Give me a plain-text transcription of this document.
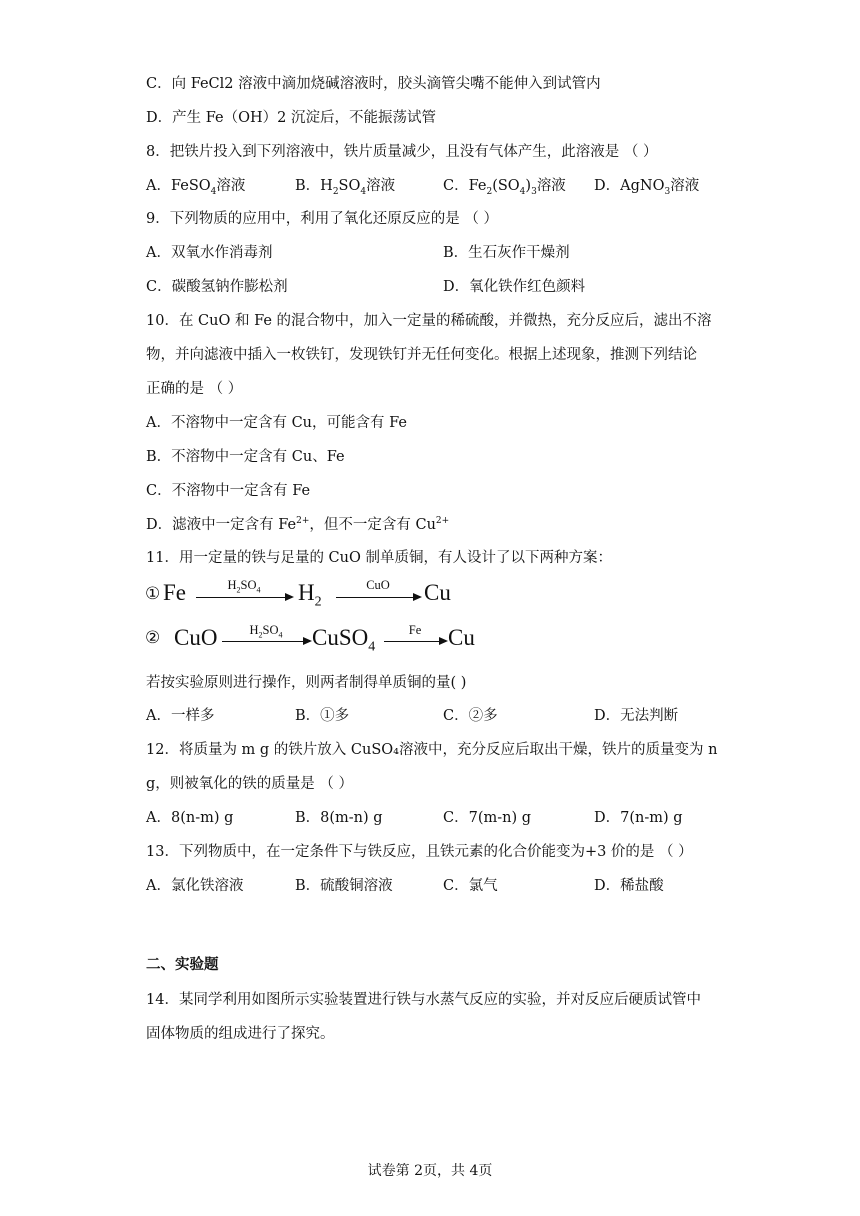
C．向 FeCl2 溶液中滴加烧碱溶液时，胶头滴管尖嘴不能伸入到试管内
D．产生 Fe（OH）2 沉淀后，不能振荡试管
8．把铁片投入到下列溶液中，铁片质量减少，且没有气体产生，此溶液是 （ ）
A．FeSO$_4$溶液	B．$H_2SO_4$溶液	C．$Fe_2(SO_4)_3$溶液 D．AgNO$_3$溶液
9．下列物质的应用中，利用了氧化还原反应的是 （ ）
A．双氧水作消毒剂	B．生石灰作干燥剂
C．碳酸氢钠作膨松剂	D．氧化铁作红色颜料
10．在 CuO 和 Fe 的混合物中，加入一定量的稀硫酸，并微热，充分反应后，滤出不溶
物，并向滤液中插入一枚铁钉，发现铁钉并无任何变化。根据上述现象，推测下列结论
正确的是 （ ）
A．不溶物中一定含有 Cu，可能含有 Fe
B．不溶物中一定含有 Cu、Fe
C．不溶物中一定含有 Fe
D．滤液中一定含有 $Fe^{2+}$，但不一定含有 $Cu^{2+}$
11．用一定量的铁与足量的 CuO 制单质铜，有人设计了以下两种方案：
① Fe	$H_2SO_4$	$H_2$
CuO	Cu
② CuO	$H_2SO_4$	CuSO$_4$
Fe	Cu
若按实验原则进行操作，则两者制得单质铜的量( )
A．一样多	B．①多	C．②多	D．无法判断
12．将质量为 m g 的铁片放入 CuSO₄溶液中，充分反应后取出干燥，铁片的质量变为 n
g，则被氧化的铁的质量是 （ ）
A．8(n-m) g	B．8(m-n) g	C．7(m-n) g	D．7(n-m) g
13．下列物质中，在一定条件下与铁反应，且铁元素的化合价能变为+3 价的是 （ ）
A．氯化铁溶液	B．硫酸铜溶液	C．氯气	D．稀盐酸
二、实验题
14．某同学利用如图所示实验装置进行铁与水蒸气反应的实验，并对反应后硬质试管中
固体物质的组成进行了探究。
试卷第 2页，共 4页
